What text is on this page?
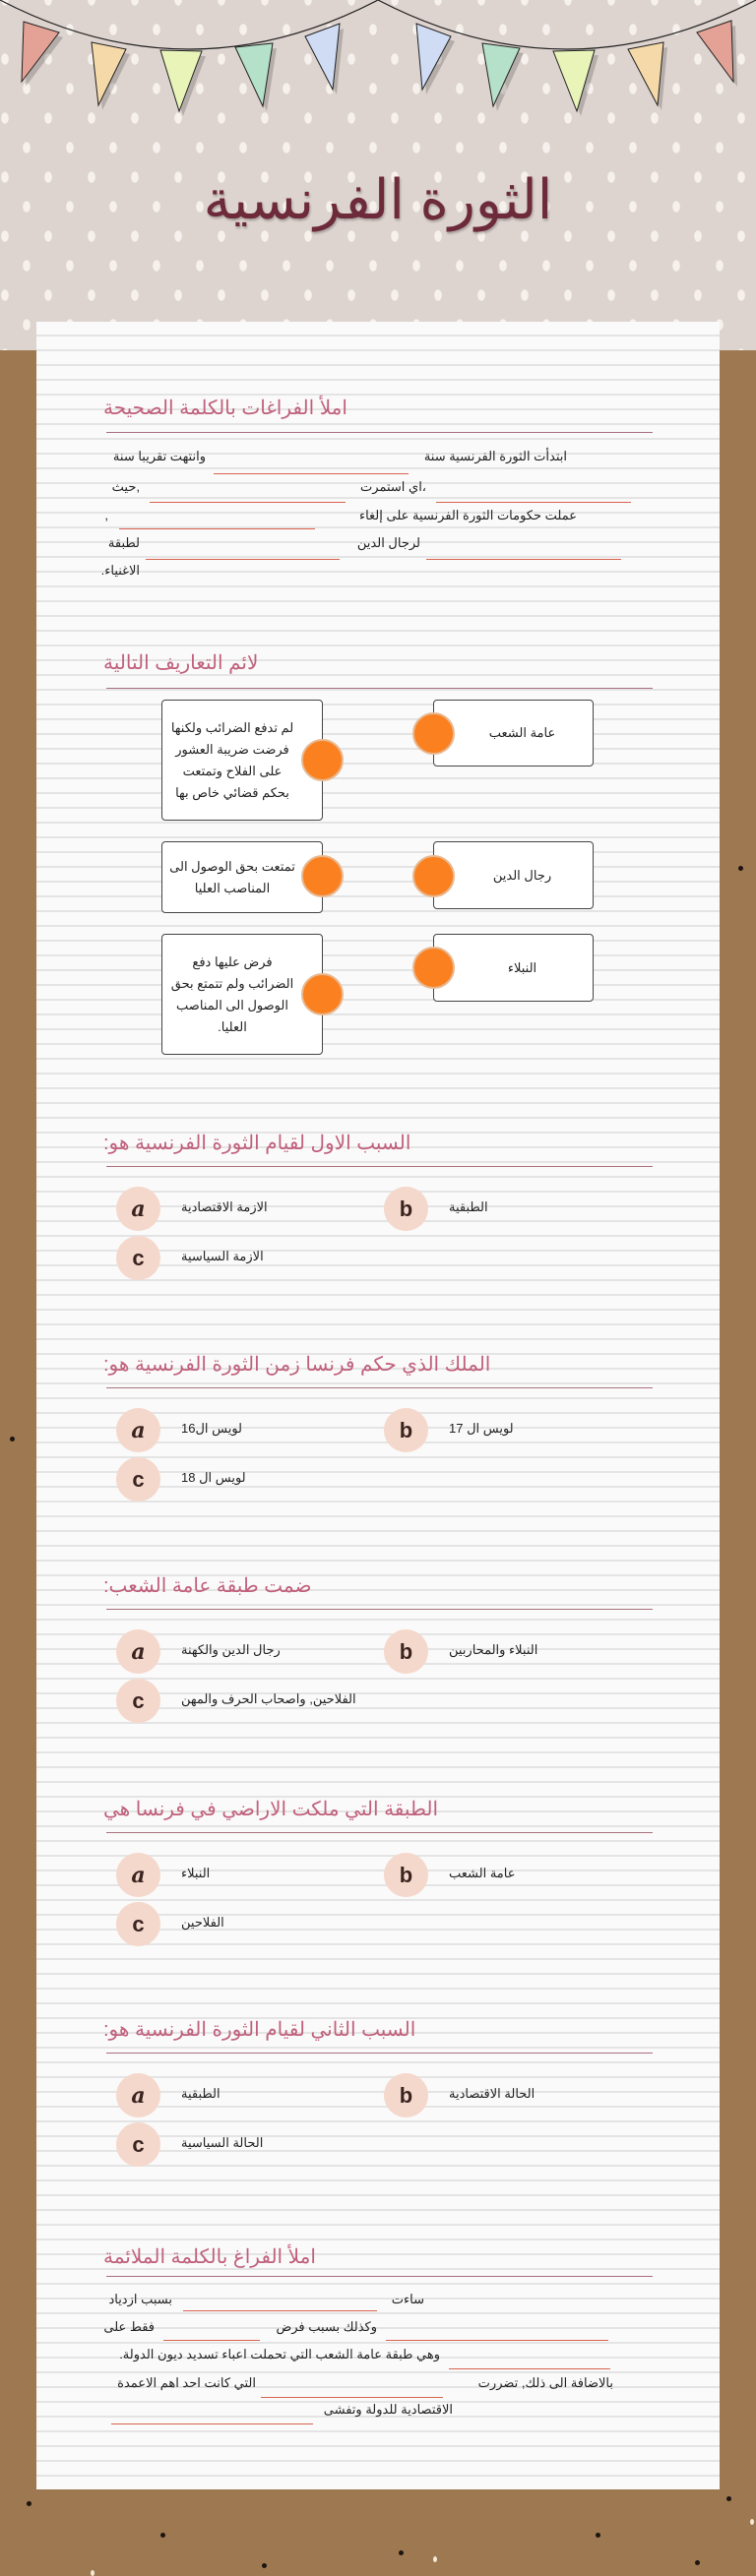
الثورة الفرنسية
املأ الفراغات بالكلمة الصحيحة
ابتدأت الثورة الفرنسية سنة
وانتهت تقريبا سنة
،اي استمرت
,حيث
عملت حكومات الثورة الفرنسية على إلغاء
,
لرجال الدين
لطبقة
الاغنياء.
لائم التعاريف التالية
عامة الشعب
رجال الدين
النبلاء
لم تدفع الضرائب ولكنها فرضت ضريبة العشور على الفلاح وتمتعت بحكم قضائي خاص بها
تمتعت بحق الوصول الى المناصب العليا
فرض عليها دفع الضرائب ولم تتمتع بحق الوصول الى المناصب العليا.
السبب الاول لقيام الثورة الفرنسية هو:
a	الازمة الاقتصادية	b	الطبقية
c	الازمة السياسية
الملك الذي حكم فرنسا زمن الثورة الفرنسية هو:
a	لويس ال16	b	لويس ال 17
c	لويس ال 18
ضمت طبقة عامة الشعب:
a	رجال الدين والكهنة	b	النبلاء والمحاربين
c	الفلاحين, واصحاب الحرف والمهن
الطبقة التي ملكت الاراضي في فرنسا هي
a	النبلاء	b	عامة الشعب
c	الفلاحين
السبب الثاني لقيام الثورة الفرنسية هو:
a	الطبقية	b	الحالة الاقتصادية
c	الحالة السياسية
املأ الفراغ بالكلمة الملائمة
ساءت
بسبب ازدياد
وكذلك بسبب فرض
فقط على
وهي طبقة عامة الشعب التي تحملت اعباء تسديد ديون الدولة.
بالاضافة الى ذلك, تضررت
التي كانت احد اهم الاعمدة
الاقتصادية للدولة وتفشى
